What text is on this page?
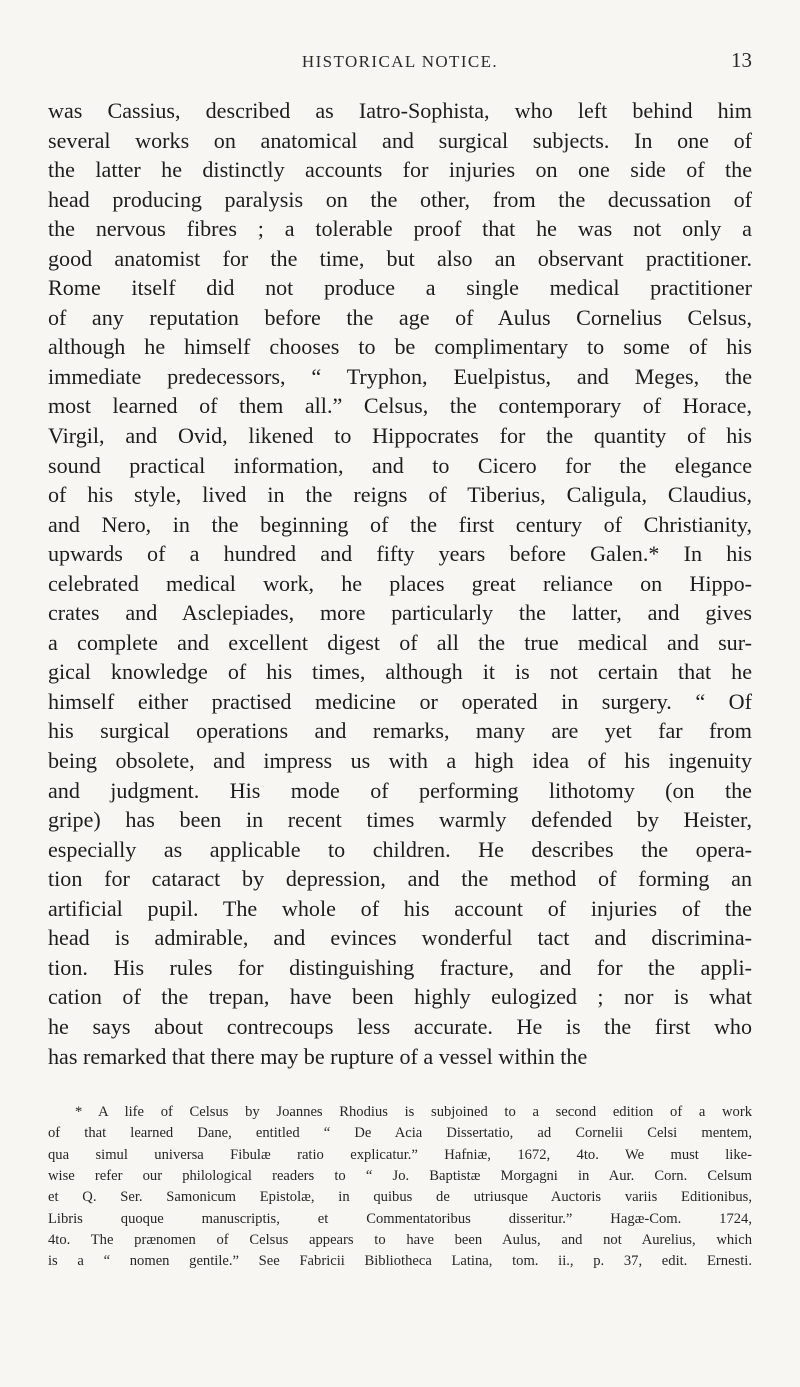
HISTORICAL NOTICE.	13
was Cassius, described as Iatro-Sophista, who left behind him
several works on anatomical and surgical subjects. In one of
the latter he distinctly accounts for injuries on one side of the
head producing paralysis on the other, from the decussation of
the nervous fibres ; a tolerable proof that he was not only a
good anatomist for the time, but also an observant practitioner.
Rome itself did not produce a single medical practitioner
of any reputation before the age of Aulus Cornelius Celsus,
although he himself chooses to be complimentary to some of his
immediate predecessors, “ Tryphon, Euelpistus, and Meges, the
most learned of them all.” Celsus, the contemporary of Horace,
Virgil, and Ovid, likened to Hippocrates for the quantity of his
sound practical information, and to Cicero for the elegance
of his style, lived in the reigns of Tiberius, Caligula, Claudius,
and Nero, in the beginning of the first century of Christianity,
upwards of a hundred and fifty years before Galen.* In his
celebrated medical work, he places great reliance on Hippo-
crates and Asclepiades, more particularly the latter, and gives
a complete and excellent digest of all the true medical and sur-
gical knowledge of his times, although it is not certain that he
himself either practised medicine or operated in surgery. “ Of
his surgical operations and remarks, many are yet far from
being obsolete, and impress us with a high idea of his ingenuity
and judgment. His mode of performing lithotomy (on the
gripe) has been in recent times warmly defended by Heister,
especially as applicable to children. He describes the opera-
tion for cataract by depression, and the method of forming an
artificial pupil. The whole of his account of injuries of the
head is admirable, and evinces wonderful tact and discrimina-
tion. His rules for distinguishing fracture, and for the appli-
cation of the trepan, have been highly eulogized ; nor is what
he says about contrecoups less accurate. He is the first who
has remarked that there may be rupture of a vessel within the
* A life of Celsus by Joannes Rhodius is subjoined to a second edition of a work
of that learned Dane, entitled “ De Acia Dissertatio, ad Cornelii Celsi mentem,
qua simul universa Fibulæ ratio explicatur.” Hafniæ, 1672, 4to. We must like-
wise refer our philological readers to “ Jo. Baptistæ Morgagni in Aur. Corn. Celsum
et Q. Ser. Samonicum Epistolæ, in quibus de utriusque Auctoris variis Editionibus,
Libris quoque manuscriptis, et Commentatoribus disseritur.” Hagæ-Com. 1724,
4to. The prænomen of Celsus appears to have been Aulus, and not Aurelius, which
is a “ nomen gentile.” See Fabricii Bibliotheca Latina, tom. ii., p. 37, edit. Ernesti.
